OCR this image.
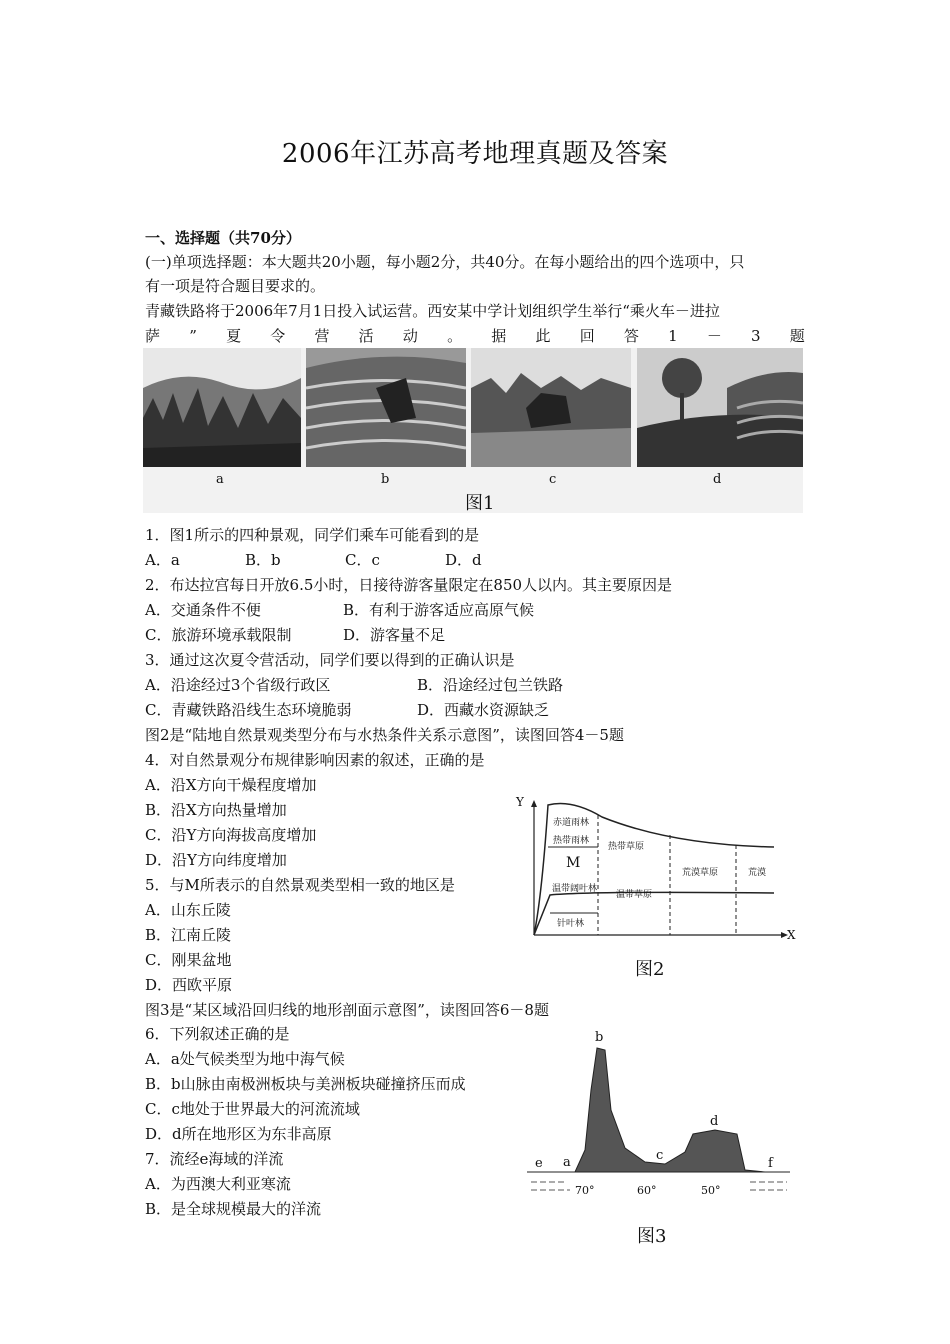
2006年江苏高考地理真题及答案
一、选择题（共70分）
(一)单项选择题：本大题共20小题，每小题2分，共40分。在每小题给出的四个选项中，只
有一项是符合题目要求的。
青藏铁路将于2006年7月1日投入试运营。西安某中学计划组织学生举行“乘火车－进拉
萨 ” 夏 令 营 活 动 。 据 此 回 答 1 － 3 题
a	b	c	d
图1
1．图1所示的四种景观，同学们乘车可能看到的是
A．a	B．b	C．c	D．d
2．布达拉宫每日开放6.5小时，日接待游客量限定在850人以内。其主要原因是
A．交通条件不便	B．有利于游客适应高原气候
C．旅游环境承载限制	D．游客量不足
3．通过这次夏令营活动，同学们要以得到的正确认识是
A．沿途经过3个省级行政区	B．沿途经过包兰铁路
C．青藏铁路沿线生态环境脆弱	D．西藏水资源缺乏
图2是“陆地自然景观类型分布与水热条件关系示意图”，读图回答4－5题
4．对自然景观分布规律影响因素的叙述，正确的是
A．沿X方向干燥程度增加
B．沿X方向热量增加
C．沿Y方向海拔高度增加
D．沿Y方向纬度增加
5．与M所表示的自然景观类型相一致的地区是
A．山东丘陵
B．江南丘陵
C．刚果盆地
D．西欧平原
Y
X
赤道雨林
热带雨林
M
温带阔叶林
针叶林
热带草原
温带草原
荒漠草原	荒漠
图2
图3是“某区域沿回归线的地形剖面示意图”，读图回答6－8题
6．下列叙述正确的是
A．a处气候类型为地中海气候
B．b山脉由南极洲板块与美洲板块碰撞挤压而成
C．c地处于世界最大的河流流域
D．d所在地形区为东非高原
7．流经e海域的洋流
A．为西澳大利亚寒流
B．是全球规模最大的洋流
b
a	c
d
e	f
70°	60°	50°
图3
